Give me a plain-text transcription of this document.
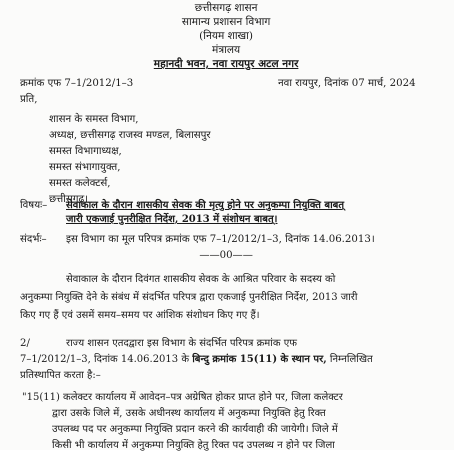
छत्तीसगढ़ शासन
सामान्य प्रशासन विभाग
(नियम शाखा)
मंत्रालय
महानदी भवन, नवा रायपुर अटल नगर
क्रमांक एफ 7–1/2012/1–3	नवा रायपुर, दिनांक 07 मार्च, 2024
प्रति,
शासन के समस्त विभाग,
अध्यक्ष, छत्तीसगढ़ राजस्व मण्डल, बिलासपुर
समस्त विभागाध्यक्ष,
समस्त संभागायुक्त,
समस्त कलेक्टर्स,
छत्तीसगढ़।
विषयः– सेवाकाल के दौरान शासकीय सेवक की मृत्यु होने पर अनुकम्पा नियुक्ति बाबत्
जारी एकजाई पुनरीक्षित निर्देश, 2013 में संशोधन बाबत्।
संदर्भः– इस विभाग का मूल परिपत्र क्रमांक एफ 7–1/2012/1–3, दिनांक 14.06.2013।
——00——
सेवाकाल के दौरान दिवंगत शासकीय सेवक के आश्रित परिवार के सदस्य को
अनुकम्पा नियुक्ति देने के संबंध में संदर्भित परिपत्र द्वारा एकजाई पुनरीक्षित निर्देश, 2013 जारी
किए गए हैं एवं उसमें समय–समय पर आंशिक संशोधन किए गए हैं।
2/	राज्य शासन एतदद्वारा इस विभाग के संदर्भित परिपत्र क्रमांक एफ
7–1/2012/1–3, दिनांक 14.06.2013 के बिन्दु क्रमांक 15(11) के स्थान पर, निम्नलिखित
प्रतिस्थापित करता है:–
"15(11) कलेक्टर कार्यालय में आवेदन–पत्र अग्रेषित होकर प्राप्त होने पर, जिला कलेक्टर
द्वारा उसके जिले में, उसके अधीनस्थ कार्यालय में अनुकम्पा नियुक्ति हेतु रिक्त
उपलब्ध पद पर अनुकम्पा नियुक्ति प्रदान करने की कार्यवाही की जायेगी। जिले में
किसी भी कार्यालय में अनुकम्पा नियुक्ति हेतु रिक्त पद उपलब्ध न होने पर जिला
